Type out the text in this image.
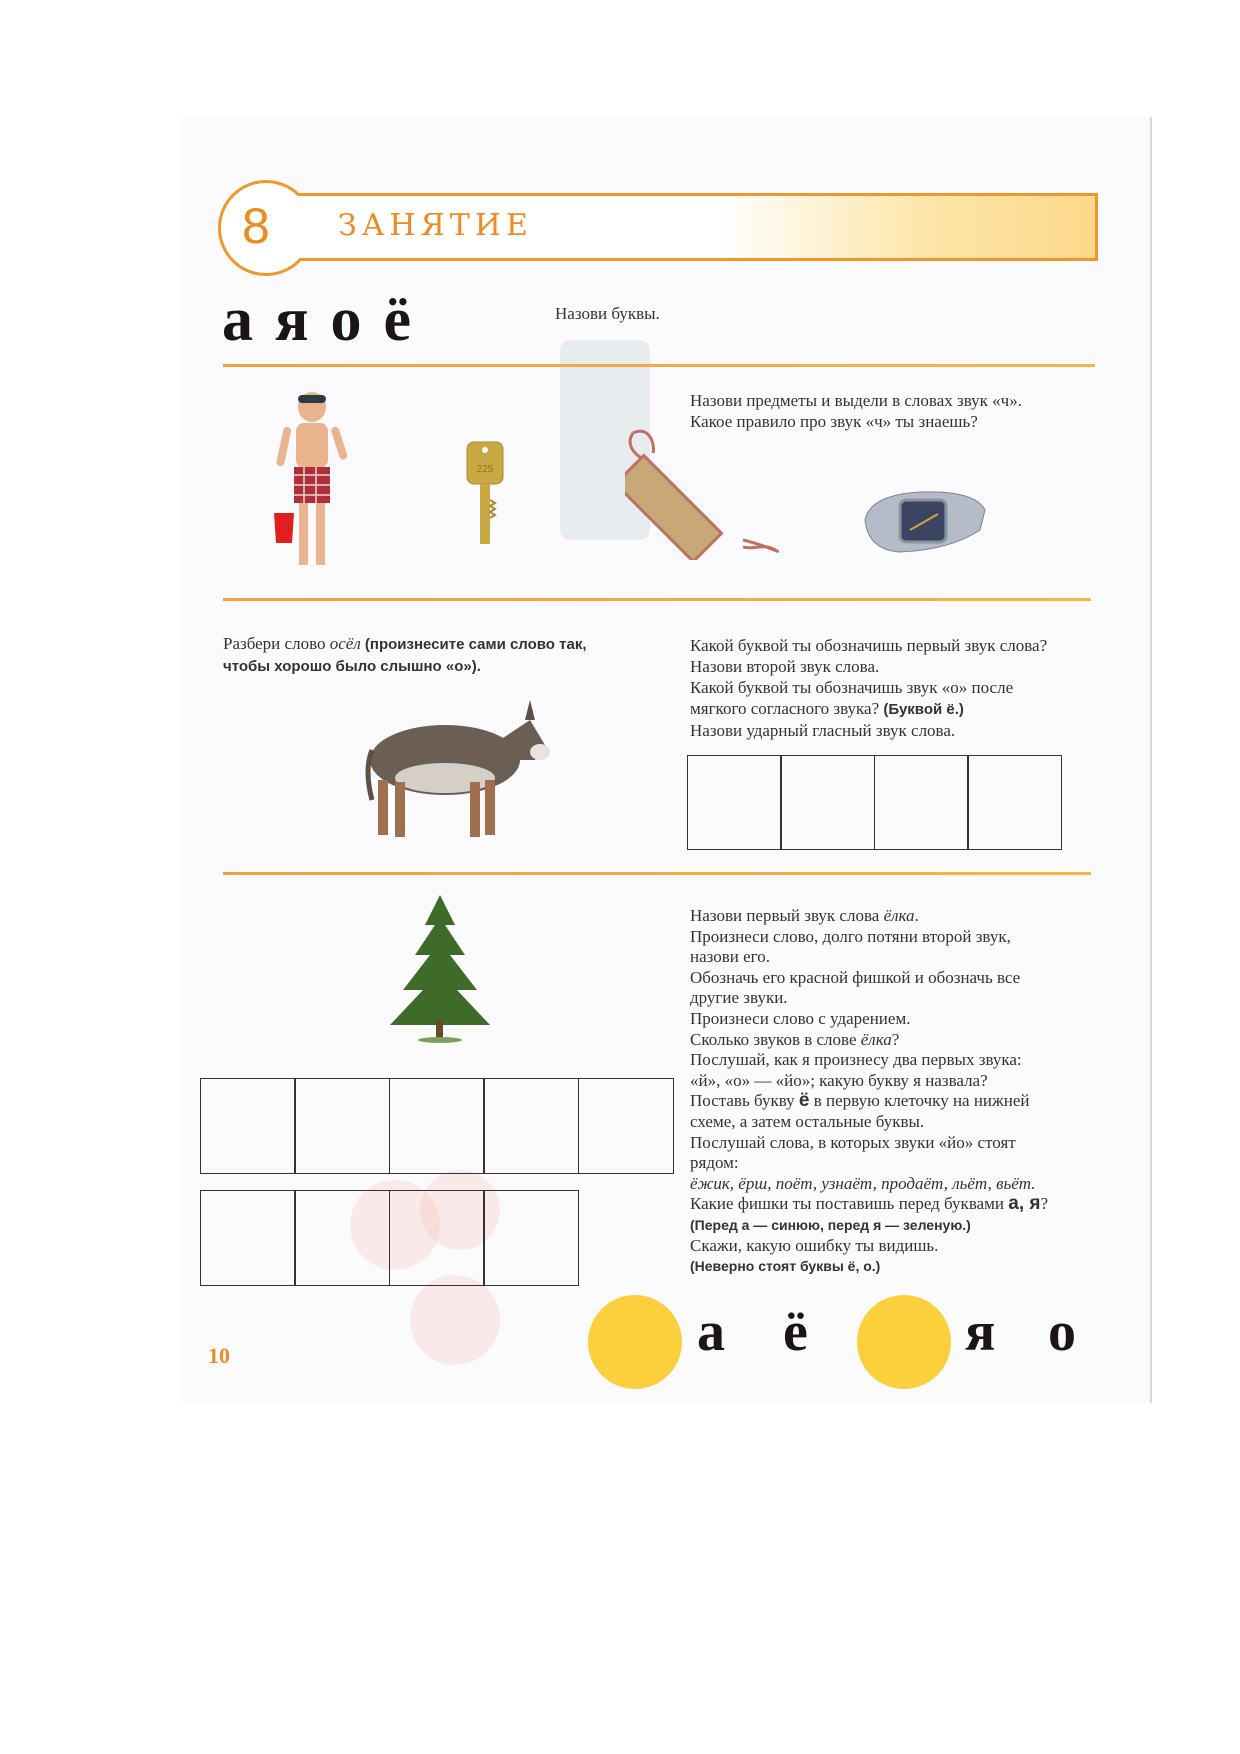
8 ЗАНЯТИЕ
а я о ё	Назови буквы.
Назови предметы и выдели в словах звук «ч».
Какое правило про звук «ч» ты знаешь?
225
Разбери слово осёл (произнесите сами слово так, чтобы хорошо было слышно «о»).
Какой буквой ты обозначишь первый звук слова?
Назови второй звук слова.
Какой буквой ты обозначишь звук «о» после
мягкого согласного звука? (Буквой ё.)
Назови ударный гласный звук слова.
Назови первый звук слова ёлка.
Произнеси слово, долго потяни второй звук,
назови его.
Обозначь его красной фишкой и обозначь все
другие звуки.
Произнеси слово с ударением.
Сколько звуков в слове ёлка?
Послушай, как я произнесу два первых звука:
«й», «о» — «йо»; какую букву я назвала?
Поставь букву ё в первую клеточку на нижней
схеме, а затем остальные буквы.
Послушай слова, в которых звуки «йо» стоят
рядом:
ёжик, ёрш, поёт, узнаёт, продаёт, льёт, вьёт.
Какие фишки ты поставишь перед буквами а, я?
(Перед а — синюю, перед я — зеленую.)
Скажи, какую ошибку ты видишь.
(Неверно стоят буквы ё, о.)
а ё	я о
10
